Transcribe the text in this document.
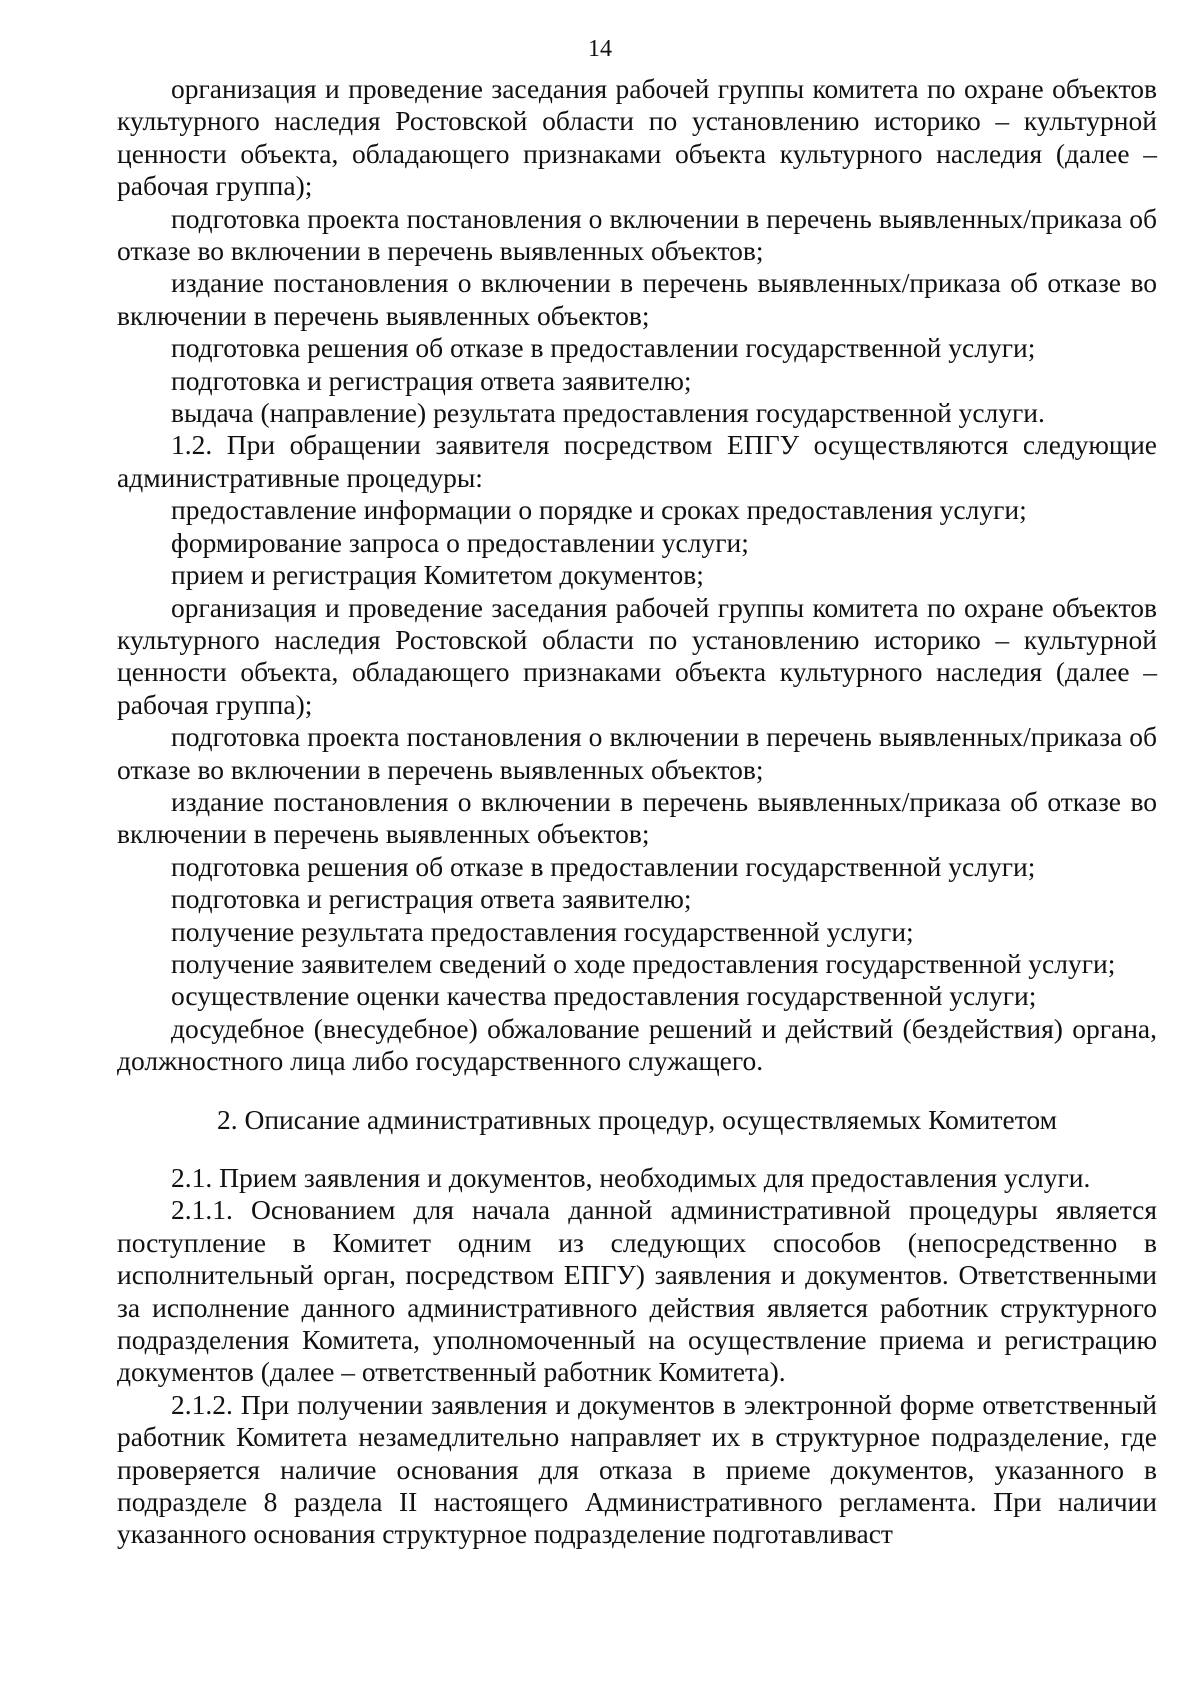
14

организация и проведение заседания рабочей группы комитета по охране объектов культурного наследия Ростовской области по установлению историко – культурной ценности объекта, обладающего признаками объекта культурного наследия (далее – рабочая группа);

подготовка проекта постановления о включении в перечень выявленных/приказа об отказе во включении в перечень выявленных объектов;

издание постановления о включении в перечень выявленных/приказа об отказе во включении в перечень выявленных объектов;

подготовка решения об отказе в предоставлении государственной услуги;

подготовка и регистрация ответа заявителю;

выдача (направление) результата предоставления государственной услуги.

1.2. При обращении заявителя посредством ЕПГУ осуществляются следующие административные процедуры:

предоставление информации о порядке и сроках предоставления услуги;

формирование запроса о предоставлении услуги;

прием и регистрация Комитетом документов;

организация и проведение заседания рабочей группы комитета по охране объектов культурного наследия Ростовской области по установлению историко – культурной ценности объекта, обладающего признаками объекта культурного наследия (далее – рабочая группа);

подготовка проекта постановления о включении в перечень выявленных/приказа об отказе во включении в перечень выявленных объектов;

издание постановления о включении в перечень выявленных/приказа об отказе во включении в перечень выявленных объектов;

подготовка решения об отказе в предоставлении государственной услуги;

подготовка и регистрация ответа заявителю;

получение результата предоставления государственной услуги;

получение заявителем сведений о ходе предоставления государственной услуги;

осуществление оценки качества предоставления государственной услуги;

досудебное (внесудебное) обжалование решений и действий (бездействия) органа, должностного лица либо государственного служащего.

2. Описание административных процедур, осуществляемых Комитетом

2.1. Прием заявления и документов, необходимых для предоставления услуги.

2.1.1. Основанием для начала данной административной процедуры является поступление в Комитет одним из следующих способов (непосредственно в исполнительный орган, посредством ЕПГУ) заявления и документов. Ответственными за исполнение данного административного действия является работник структурного подразделения Комитета, уполномоченный на осуществление приема и регистрацию документов (далее – ответственный работник Комитета).

2.1.2. При получении заявления и документов в электронной форме ответственный работник Комитета незамедлительно направляет их в структурное подразделение, где проверяется наличие основания для отказа в приеме документов, указанного в подразделе 8 раздела II настоящего Административного регламента. При наличии указанного основания структурное подразделение подготавливаст
